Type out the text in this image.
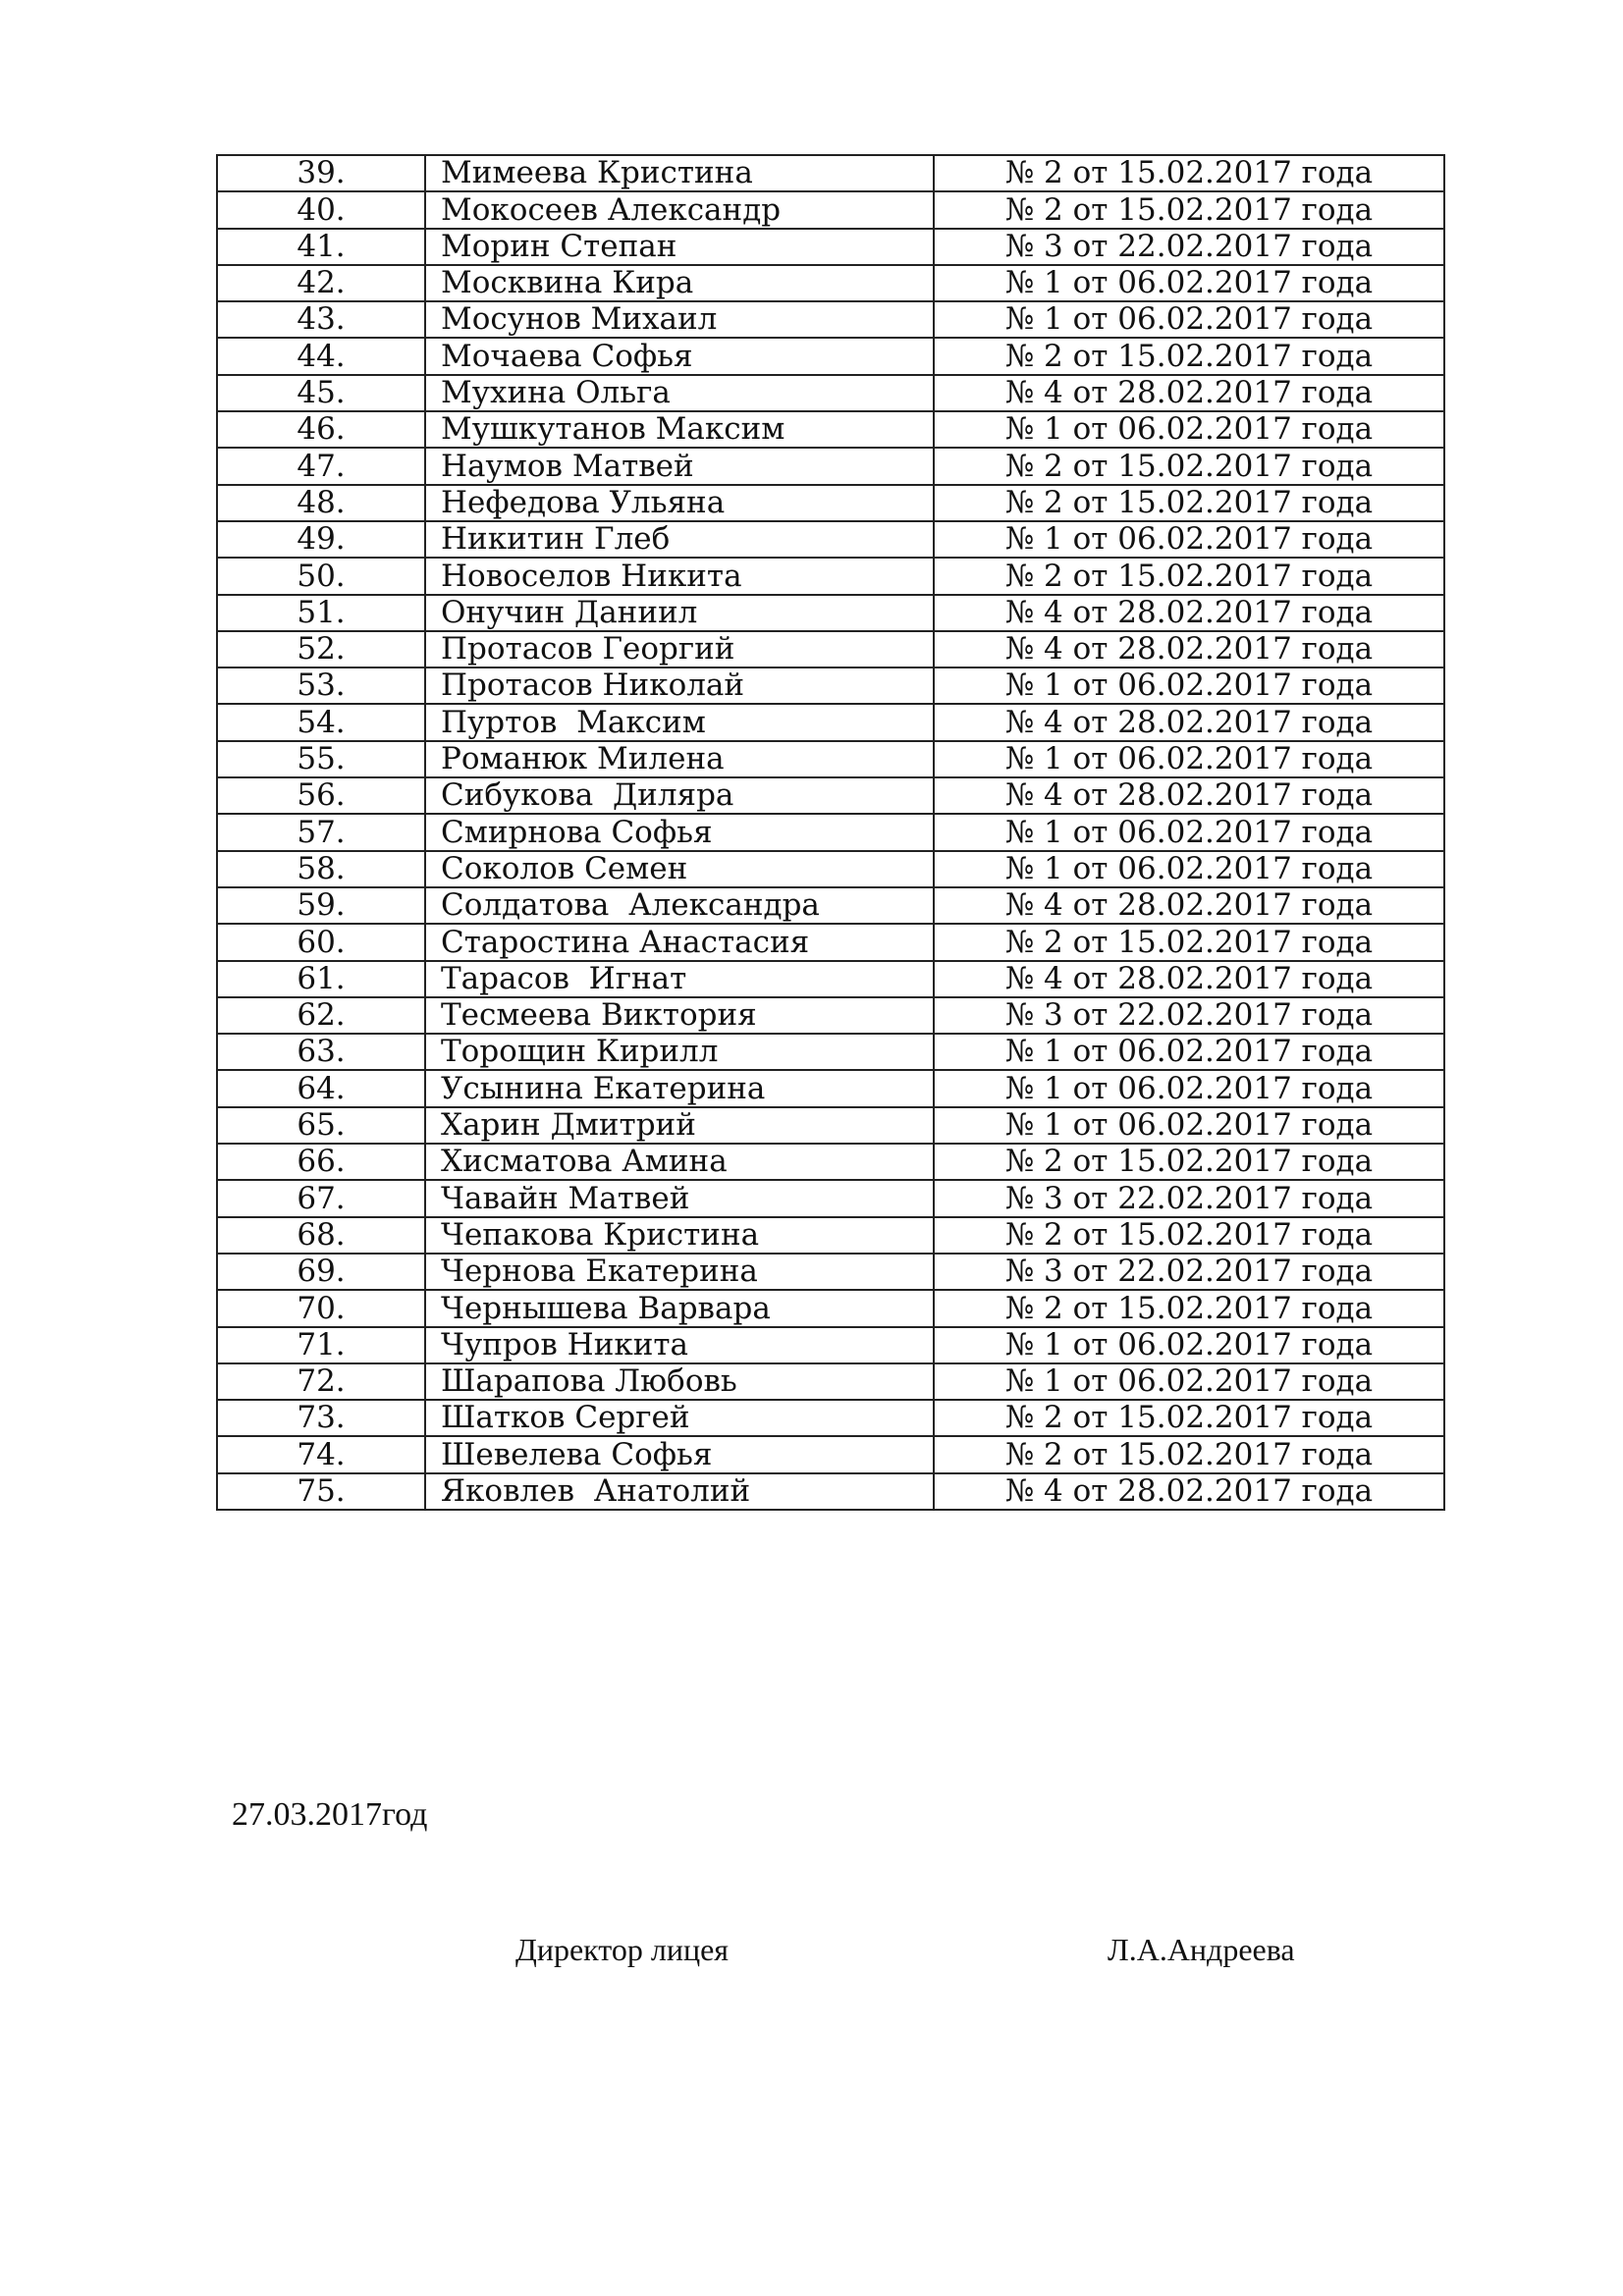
39.	Мимеева Кристина	№ 2 от 15.02.2017 года
40.	Мокосеев Александр	№ 2 от 15.02.2017 года
41.	Морин Степан	№ 3 от 22.02.2017 года
42.	Москвина Кира	№ 1 от 06.02.2017 года
43.	Мосунов Михаил	№ 1 от 06.02.2017 года
44.	Мочаева Софья	№ 2 от 15.02.2017 года
45.	Мухина Ольга	№ 4 от 28.02.2017 года
46.	Мушкутанов Максим	№ 1 от 06.02.2017 года
47.	Наумов Матвей	№ 2 от 15.02.2017 года
48.	Нефедова Ульяна	№ 2 от 15.02.2017 года
49.	Никитин Глеб	№ 1 от 06.02.2017 года
50.	Новоселов Никита	№ 2 от 15.02.2017 года
51.	Онучин Даниил	№ 4 от 28.02.2017 года
52.	Протасов Георгий	№ 4 от 28.02.2017 года
53.	Протасов Николай	№ 1 от 06.02.2017 года
54.	Пуртов  Максим	№ 4 от 28.02.2017 года
55.	Романюк Милена	№ 1 от 06.02.2017 года
56.	Сибукова  Диляра	№ 4 от 28.02.2017 года
57.	Смирнова Софья	№ 1 от 06.02.2017 года
58.	Соколов Семен	№ 1 от 06.02.2017 года
59.	Солдатова  Александра	№ 4 от 28.02.2017 года
60.	Старостина Анастасия	№ 2 от 15.02.2017 года
61.	Тарасов  Игнат	№ 4 от 28.02.2017 года
62.	Тесмеева Виктория	№ 3 от 22.02.2017 года
63.	Торощин Кирилл	№ 1 от 06.02.2017 года
64.	Усынина Екатерина	№ 1 от 06.02.2017 года
65.	Харин Дмитрий	№ 1 от 06.02.2017 года
66.	Хисматова Амина	№ 2 от 15.02.2017 года
67.	Чавайн Матвей	№ 3 от 22.02.2017 года
68.	Чепакова Кристина	№ 2 от 15.02.2017 года
69.	Чернова Екатерина	№ 3 от 22.02.2017 года
70.	Чернышева Варвара	№ 2 от 15.02.2017 года
71.	Чупров Никита	№ 1 от 06.02.2017 года
72.	Шарапова Любовь	№ 1 от 06.02.2017 года
73.	Шатков Сергей	№ 2 от 15.02.2017 года
74.	Шевелева Софья	№ 2 от 15.02.2017 года
75.	Яковлев  Анатолий	№ 4 от 28.02.2017 года
27.03.2017год
Директор лицея	Л.А.Андреева
